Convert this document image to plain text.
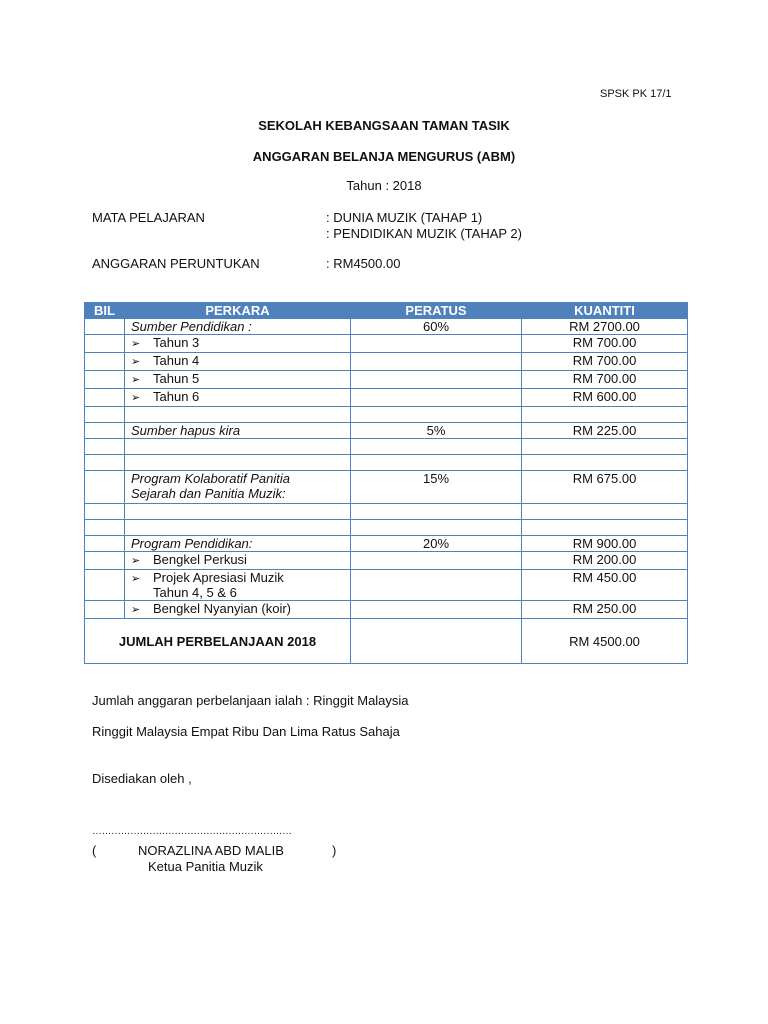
SPSK PK 17/1
SEKOLAH KEBANGSAAN TAMAN TASIK
ANGGARAN BELANJA MENGURUS (ABM)
Tahun : 2018
MATA PELAJARAN	: DUNIA MUZIK (TAHAP 1)
: PENDIDIKAN MUZIK (TAHAP 2)
ANGGARAN PERUNTUKAN	: RM4500.00
BIL	PERKARA	PERATUS	KUANTITI
	Sumber Pendidikan :	60%	RM 2700.00
	➢ Tahun 3		RM 700.00
	➢ Tahun 4		RM 700.00
	➢ Tahun 5		RM 700.00
	➢ Tahun 6		RM 600.00

	Sumber hapus kira	5%	RM 225.00

	Program Kolaboratif Panitia
Sejarah dan Panitia Muzik:	15%	RM 675.00

	Program Pendidikan:	20%	RM 900.00
	➢ Bengkel Perkusi		RM 200.00
	➢ Projek Apresiasi Muzik
Tahun 4, 5 & 6		RM 450.00
	➢ Bengkel Nyanyian (koir)		RM 250.00
JUMLAH PERBELANJAAN 2018			RM 4500.00
Jumlah anggaran perbelanjaan ialah : Ringgit Malaysia
Ringgit Malaysia Empat Ribu Dan Lima Ratus Sahaja
Disediakan oleh ,
………………………………………………………
(	NORAZLINA ABD MALIB	)
Ketua Panitia Muzik
